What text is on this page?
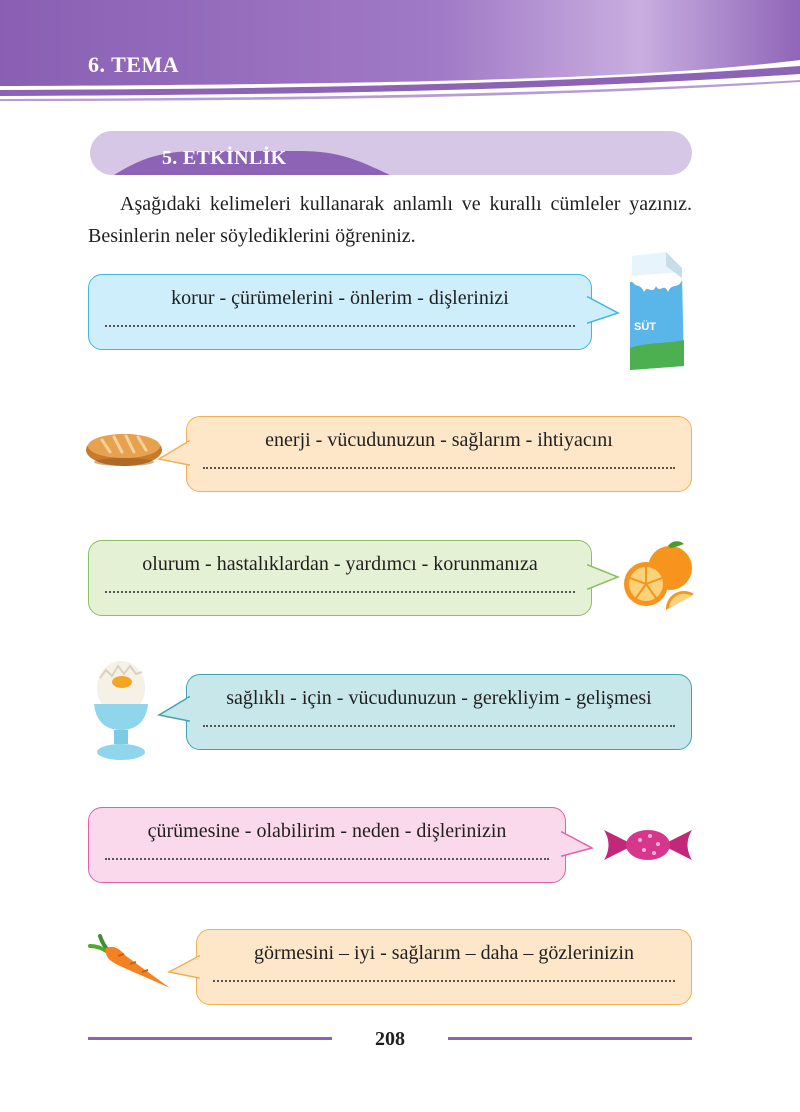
6. TEMA
5. ETKİNLİK
Aşağıdaki kelimeleri kullanarak anlamlı ve kurallı cümleler yazınız. Besinlerin neler söylediklerini öğreniniz.
korur - çürümelerini - önlerim - dişlerinizi
SÜT
enerji - vücudunuzun - sağlarım - ihtiyacını
olurum - hastalıklardan - yardımcı - korunmanıza
sağlıklı - için - vücudunuzun - gerekliyim - gelişmesi
çürümesine - olabilirim - neden - dişlerinizin
görmesini – iyi - sağlarım – daha – gözlerinizin
208
